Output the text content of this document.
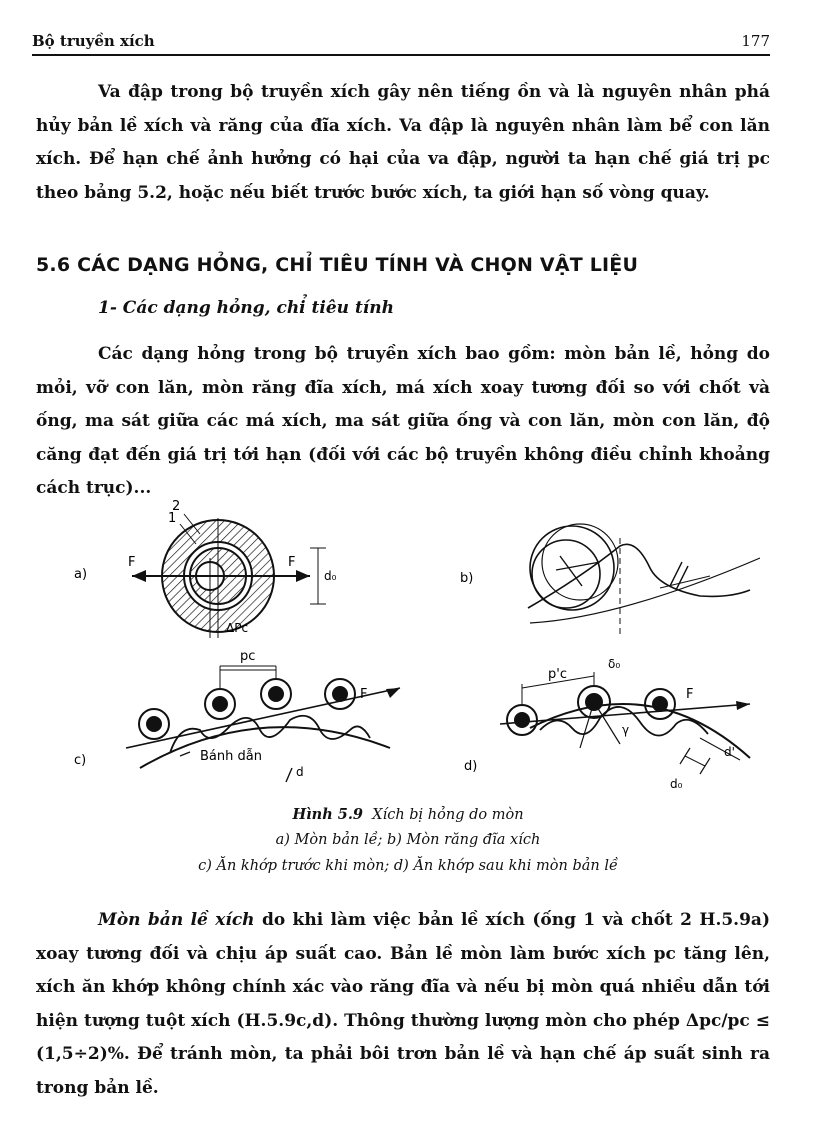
Bộ truyền xích	177

Va đập trong bộ truyền xích gây nên tiếng ồn và là nguyên nhân phá hủy bản lề xích và răng của đĩa xích. Va đập là nguyên nhân làm bể con lăn xích. Để hạn chế ảnh hưởng có hại của va đập, người ta hạn chế giá trị pc theo bảng 5.2, hoặc nếu biết trước bước xích, ta giới hạn số vòng quay.

5.6 CÁC DẠNG HỎNG, CHỈ TIÊU TÍNH VÀ CHỌN VẬT LIỆU
1- Các dạng hỏng, chỉ tiêu tính

Các dạng hỏng trong bộ truyền xích bao gồm: mòn bản lề, hỏng do mỏi, vỡ con lăn, mòn răng đĩa xích, má xích xoay tương đối so với chốt và ống, ma sát giữa các má xích, ma sát giữa ống và con lăn, mòn con lăn, độ căng đạt đến giá trị tới hạn (đối với các bộ truyền không điều chỉnh khoảng cách trục)...

a)
F	F
1
2
d₀
ΔPc
b)
c)
pc
F
Bánh dẫn
d	d)
p'c
δ₀
F
γ
d'
d₀
Hình 5.9 Xích bị hỏng do mòn
a) Mòn bản lề; b) Mòn răng đĩa xích
c) Ăn khớp trước khi mòn; d) Ăn khớp sau khi mòn bản lề

Mòn bản lề xích do khi làm việc bản lề xích (ống 1 và chốt 2 H.5.9a) xoay tương đối và chịu áp suất cao. Bản lề mòn làm bước xích pc tăng lên, xích ăn khớp không chính xác vào răng đĩa và nếu bị mòn quá nhiều dẫn tới hiện tượng tuột xích (H.5.9c,d). Thông thường lượng mòn cho phép Δpc/pc ≤ (1,5÷2)%. Để tránh mòn, ta phải bôi trơn bản lề và hạn chế áp suất sinh ra trong bản lề.
